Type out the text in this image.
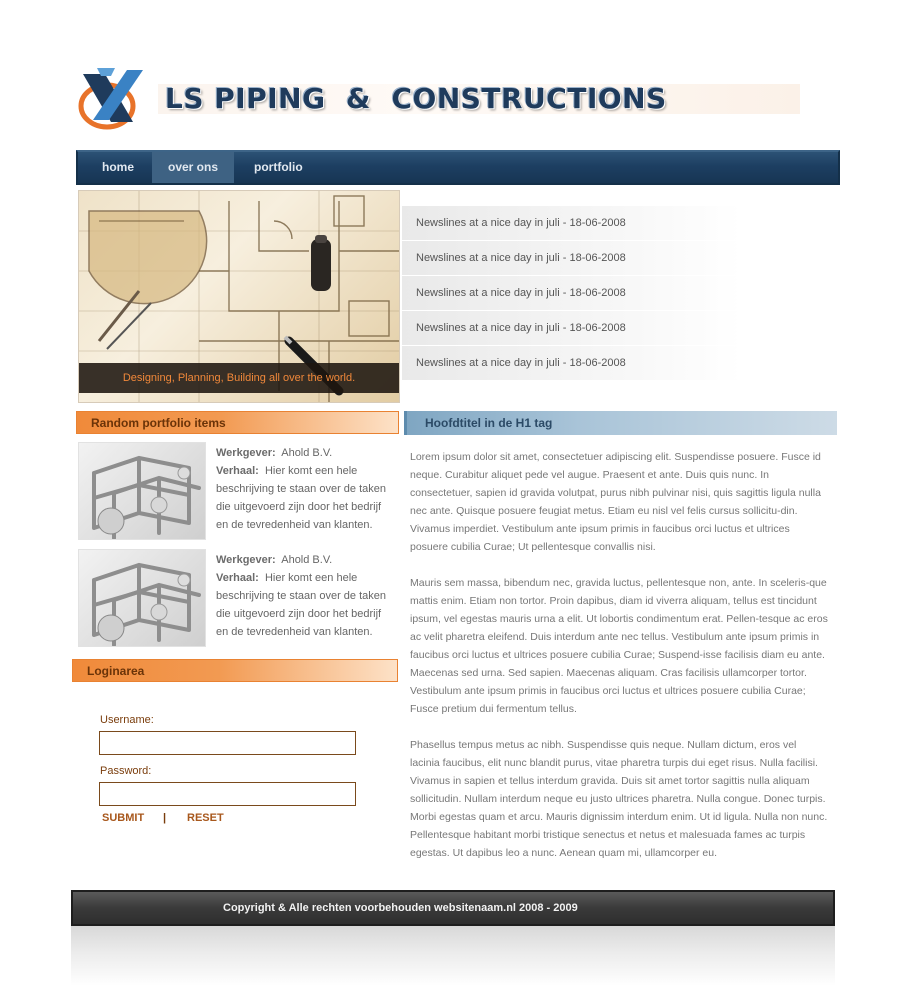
LS PIPING  &  CONSTRUCTIONS
home	over ons	portfolio
Designing, Planning, Building all over the world.
Newslines at a nice day in juli - 18-06-2008
Newslines at a nice day in juli - 18-06-2008
Newslines at a nice day in juli - 18-06-2008
Newslines at a nice day in juli - 18-06-2008
Newslines at a nice day in juli - 18-06-2008
Random portfolio items	Hoofdtitel in de H1 tag
Werkgever: Ahold B.V.
Verhaal: Hier komt een hele beschrijving te staan over de taken die uitgevoerd zijn door het bedrijf en de tevredenheid van klanten.
Werkgever: Ahold B.V.
Verhaal: Hier komt een hele beschrijving te staan over de taken die uitgevoerd zijn door het bedrijf en de tevredenheid van klanten.
Loginarea
Username:
Password:
SUBMIT | RESET

Lorem ipsum dolor sit amet, consectetuer adipiscing elit. Suspendisse posuere. Fusce id neque. Curabitur aliquet pede vel augue. Praesent et ante. Duis quis nunc. In consectetuer, sapien id gravida volutpat, purus nibh pulvinar nisi, quis sagittis ligula nulla nec ante. Quisque posuere feugiat metus. Etiam eu nisl vel felis cursus sollicitu-din. Vivamus imperdiet. Vestibulum ante ipsum primis in faucibus orci luctus et ultrices posuere cubilia Curae; Ut pellentesque convallis nisi.

Mauris sem massa, bibendum nec, gravida luctus, pellentesque non, ante. In sceleris-que mattis enim. Etiam non tortor. Proin dapibus, diam id viverra aliquam, tellus est tincidunt ipsum, vel egestas mauris urna a elit. Ut lobortis condimentum erat. Pellen-tesque ac eros ac velit pharetra eleifend. Duis interdum ante nec tellus. Vestibulum ante ipsum primis in faucibus orci luctus et ultrices posuere cubilia Curae; Suspend-isse facilisis diam eu ante. Maecenas sed urna. Sed sapien. Maecenas aliquam. Cras facilisis ullamcorper tortor. Vestibulum ante ipsum primis in faucibus orci luctus et ultrices posuere cubilia Curae; Fusce pretium dui fermentum tellus.

Phasellus tempus metus ac nibh. Suspendisse quis neque. Nullam dictum, eros vel lacinia faucibus, elit nunc blandit purus, vitae pharetra turpis dui eget risus. Nulla facilisi. Vivamus in sapien et tellus interdum gravida. Duis sit amet tortor sagittis nulla aliquam sollicitudin. Nullam interdum neque eu justo ultrices pharetra. Nulla congue. Donec turpis. Morbi egestas quam et arcu. Mauris dignissim interdum enim. Ut id ligula. Nulla non nunc. Pellentesque habitant morbi tristique senectus et netus et malesuada fames ac turpis egestas. Ut dapibus leo a nunc. Aenean quam mi, ullamcorper eu.

Copyright & Alle rechten voorbehouden websitenaam.nl 2008 - 2009
